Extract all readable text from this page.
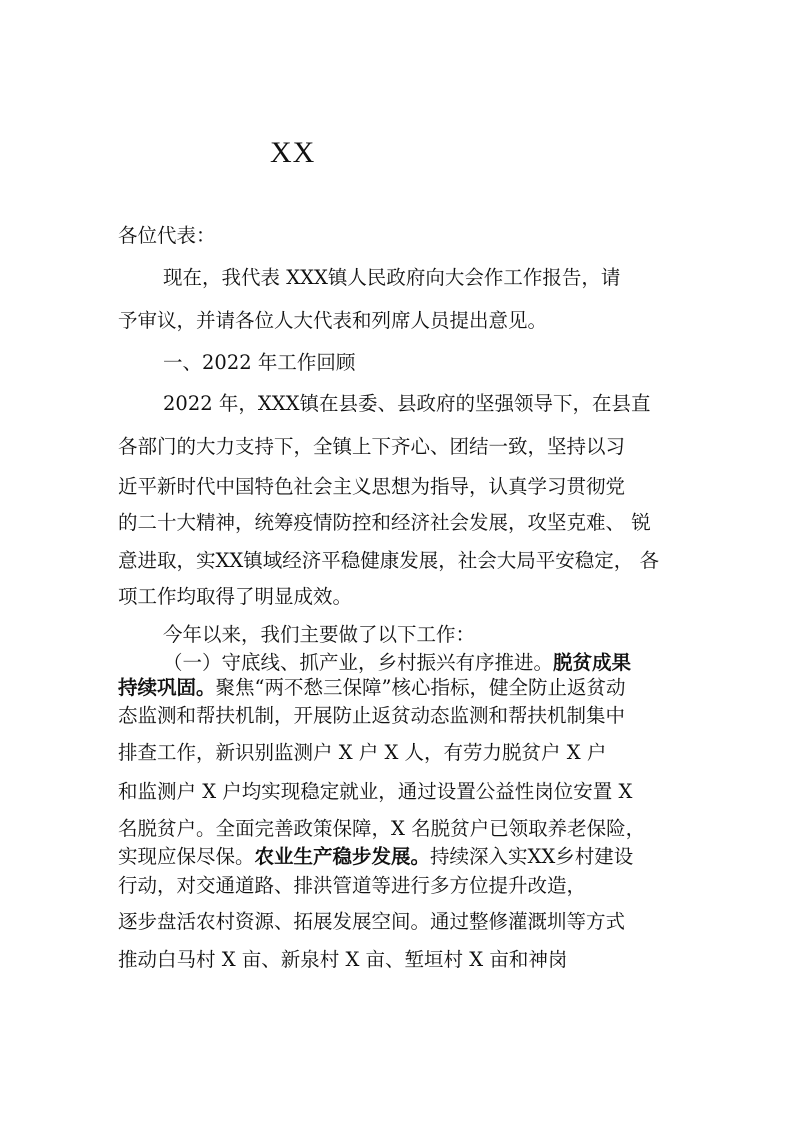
XX
各位代表：
现在，我代表 XXX镇人民政府向大会作工作报告，请
予审议，并请各位人大代表和列席人员提出意见。
一、2022 年工作回顾
2022 年，XXX镇在县委、县政府的坚强领导下，在县直
各部门的大力支持下，全镇上下齐心、团结一致，坚持以习
近平新时代中国特色社会主义思想为指导，认真学习贯彻党
的二十大精神，统筹疫情防控和经济社会发展，攻坚克难、 锐
意进取，实XX镇域经济平稳健康发展，社会大局平安稳定， 各
项工作均取得了明显成效。
今年以来，我们主要做了以下工作：
（一）守底线、抓产业，乡村振兴有序推进。脱贫成果
持续巩固。聚焦“两不愁三保障”核心指标，健全防止返贫动
态监测和帮扶机制，开展防止返贫动态监测和帮扶机制集中
排查工作，新识别监测户 X 户 X 人，有劳力脱贫户 X 户
和监测户 X 户均实现稳定就业，通过设置公益性岗位安置 X
名脱贫户。全面完善政策保障，X 名脱贫户已领取养老保险，
实现应保尽保。农业生产稳步发展。持续深入实XX乡村建设
行动，对交通道路、排洪管道等进行多方位提升改造，
逐步盘活农村资源、拓展发展空间。通过整修灌溉圳等方式
推动白马村 X 亩、新泉村 X 亩、堑垣村 X 亩和神岗
